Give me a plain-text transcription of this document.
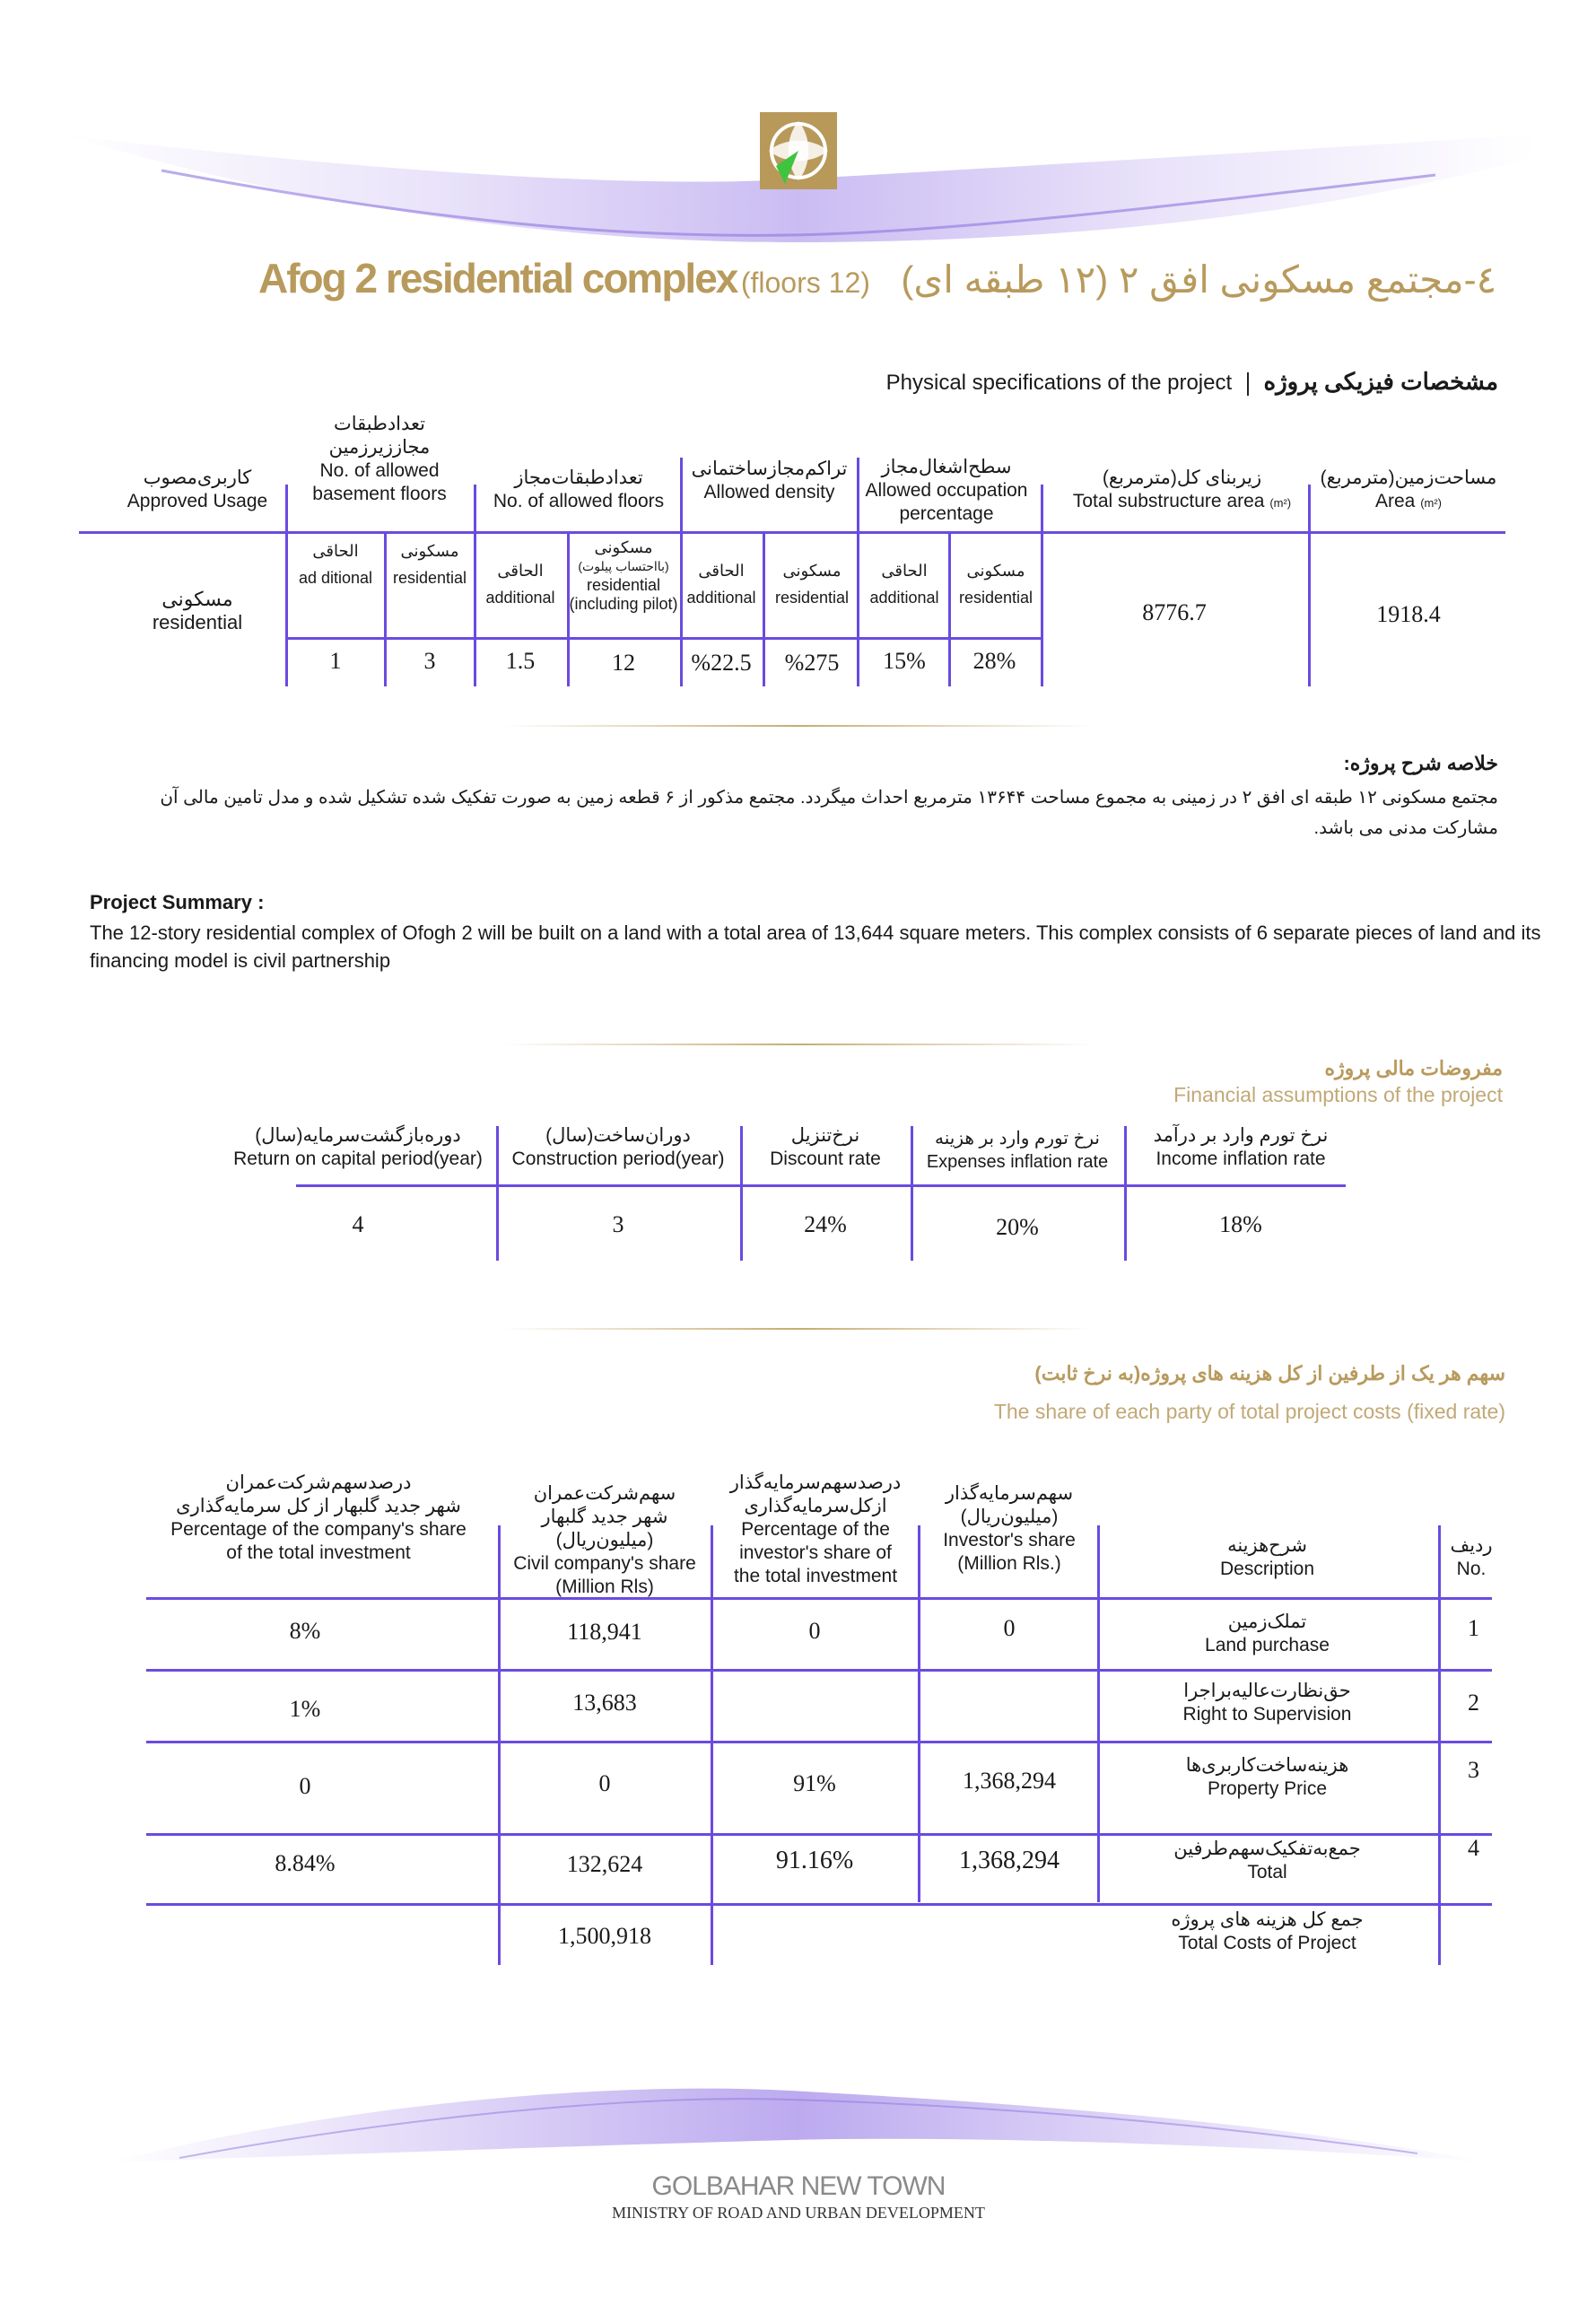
Afog 2 residential complex (floors 12) ٤-مجتمع مسکونی افق ۲ (۱۲ طبقه ای)
Physical specifications of the project مشخصات فیزیکی پروژه
مساحت‌زمین(مترمربع)
Area (m²)
زیربنای کل(مترمربع)
Total substructure area (m²)
سطح‌اشغال‌مجاز
Allowed occupation
percentage
تراکم‌مجاز‌ساختمانی
Allowed density
تعداد‌طبقات‌مجاز
No. of allowed floors
تعدادطبقات
مجاز‌زیر‌زمین
No. of allowed
basement floors
کاربری‌مصوب
Approved Usage
مسکونی
residential
الحاقی
additional
مسکونی
residential
الحاقی
additional
مسکونی
(بااحتساب پیلوت)
residential
(including pilot)
الحاقی
additional
مسکونی
residential
الحاقی
ad ditional
1918.4
8776.7
28%
15%
%275
%22.5
12
1.5
3
1
مسکونی
residential
خلاصه شرح پروژه:
مجتمع مسکونی ۱۲ طبقه ای افق ۲ در زمینی به مجموع مساحت ۱۳۶۴۴ مترمربع احداث میگردد. مجتمع مذکور از ۶ قطعه زمین به صورت تفکیک شده تشکیل شده و مدل تامین مالی آن مشارکت مدنی می باشد.
Project Summary :
The 12-story residential complex of Ofogh 2 will be built on a land with a total area of 13,644 square meters. This complex consists of 6 separate pieces of land and its financing model is civil partnership
مفروضات مالی پروژه
Financial assumptions of the project
نرخ تورم وارد بر درآمد
Income inflation rate
نرخ تورم وارد بر هزینه
Expenses inflation rate
نرخ‌تنزیل
Discount rate
دوران‌ساخت(سال)
Construction period(year)
دوره‌بازگشت‌سرمایه(سال)
Return on capital period(year)
18%
20%
24%
3
4
سهم هر یک از طرفین از کل هزینه های پروژه(به نرخ ثابت)
The share of each party of total project costs (fixed rate)
ردیف
No.
شرح‌هزینه
Description
سهم‌سرمایه‌گذار
(میلیون‌ریال)
Investor's share
(Million Rls.)
درصد‌سهم‌سرمایه‌گذار
از‌کل‌سرمایه‌گذاری
Percentage of the
investor's share of
the total investment
سهم‌شرکت‌عمران
شهر جدید گلبهار (میلیون‌ریال)
Civil company's share
(Million Rls)
درصد‌سهم‌شرکت‌عمران
شهر جدید گلبهار از کل سرمایه‌گذاری
Percentage of the company's share
of the total investment
1
تملک‌زمین
Land purchase
0
0
118,941
8%
2
حق‌نظارت‌عالیه‌براجرا
Right to Supervision
13,683
1%
3
هزینه‌ساخت‌کاربری‌ها
Property Price
1,368,294
91%
0
0
4
جمع‌به‌تفکیک‌سهم‌طرفین
Total
1,368,294
91.16%
132,624
8.84%
جمع کل هزینه های پروژه
Total Costs of Project
1,500,918
GOLBAHAR NEW TOWN
MINISTRY OF ROAD AND URBAN DEVELOPMENT
